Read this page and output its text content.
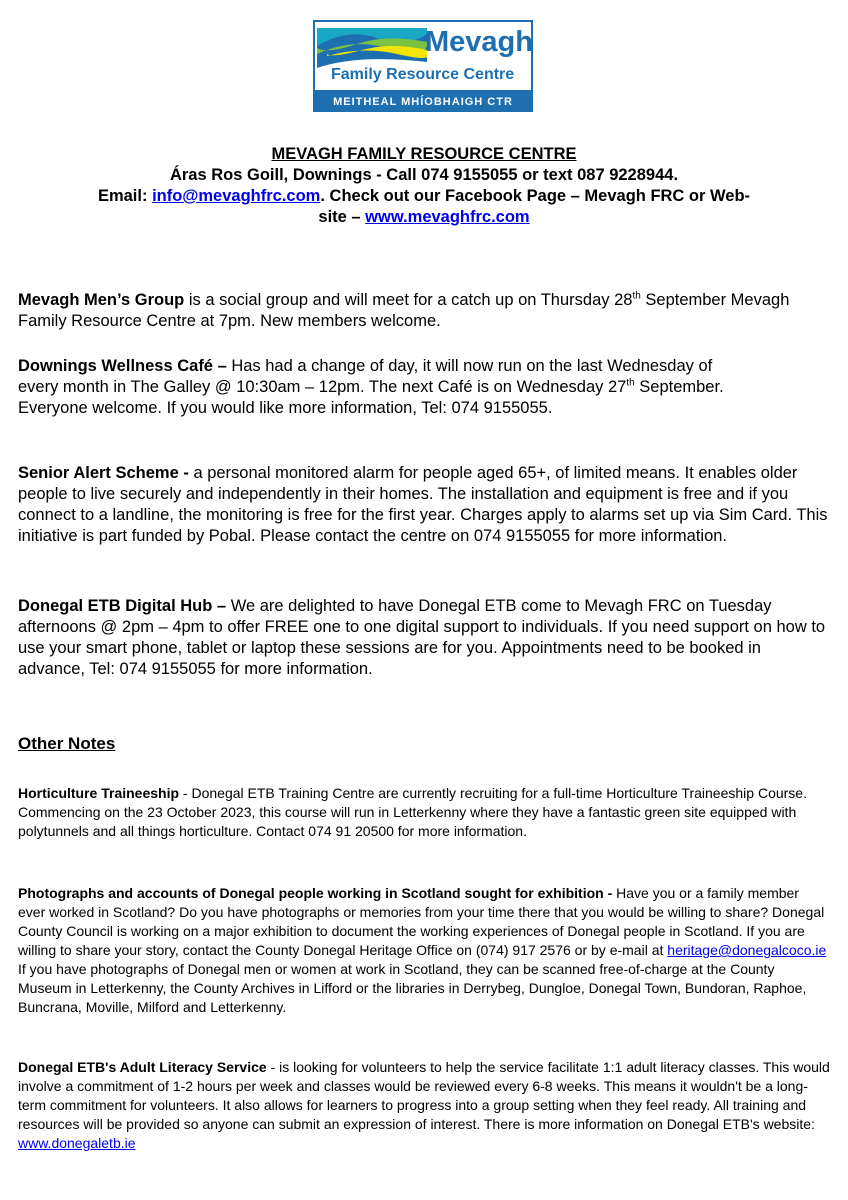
Mevagh
Family Resource Centre
MEITHEAL MHÍOBHAIGH CTR
MEVAGH FAMILY RESOURCE CENTRE
Áras Ros Goill, Downings - Call 074 9155055 or text 087 9228944.
Email: info@mevaghfrc.com. Check out our Facebook Page – Mevagh FRC or Web-
site – www.mevaghfrc.com
Mevagh Men’s Group is a social group and will meet for a catch up on Thursday 28th September Mevagh Family Resource Centre at 7pm. New members welcome.
Downings Wellness Café – Has had a change of day, it will now run on the last Wednesday of every month in The Galley @ 10:30am – 12pm. The next Café is on Wednesday 27th September. Everyone welcome. If you would like more information, Tel: 074 9155055.
Senior Alert Scheme - a personal monitored alarm for people aged 65+, of limited means. It enables older people to live securely and independently in their homes. The installation and equipment is free and if you connect to a landline, the monitoring is free for the first year. Charges apply to alarms set up via Sim Card. This initiative is part funded by Pobal. Please contact the centre on 074 9155055 for more information.
Donegal ETB Digital Hub – We are delighted to have Donegal ETB come to Mevagh FRC on Tuesday afternoons @ 2pm – 4pm to offer FREE one to one digital support to individuals. If you need support on how to use your smart phone, tablet or laptop these sessions are for you. Appointments need to be booked in advance, Tel: 074 9155055 for more information.
Other Notes
Horticulture Traineeship - Donegal ETB Training Centre are currently recruiting for a full-time Horticulture Traineeship Course. Commencing on the 23 October 2023, this course will run in Letterkenny where they have a fantastic green site equipped with polytunnels and all things horticulture. Contact 074 91 20500 for more information.
Photographs and accounts of Donegal people working in Scotland sought for exhibition - Have you or a family member ever worked in Scotland? Do you have photographs or memories from your time there that you would be willing to share? Donegal County Council is working on a major exhibition to document the working experiences of Donegal people in Scotland. If you are willing to share your story, contact the County Donegal Heritage Office on (074) 917 2576 or by e-mail at heritage@donegalcoco.ie
If you have photographs of Donegal men or women at work in Scotland, they can be scanned free-of-charge at the County Museum in Letterkenny, the County Archives in Lifford or the libraries in Derrybeg, Dungloe, Donegal Town, Bundoran, Raphoe, Buncrana, Moville, Milford and Letterkenny.
Donegal ETB's Adult Literacy Service - is looking for volunteers to help the service facilitate 1:1 adult literacy classes. This would involve a commitment of 1-2 hours per week and classes would be reviewed every 6-8 weeks. This means it wouldn't be a long-term commitment for volunteers. It also allows for learners to progress into a group setting when they feel ready. All training and resources will be provided so anyone can submit an expression of interest. There is more information on Donegal ETB's website: www.donegaletb.ie
